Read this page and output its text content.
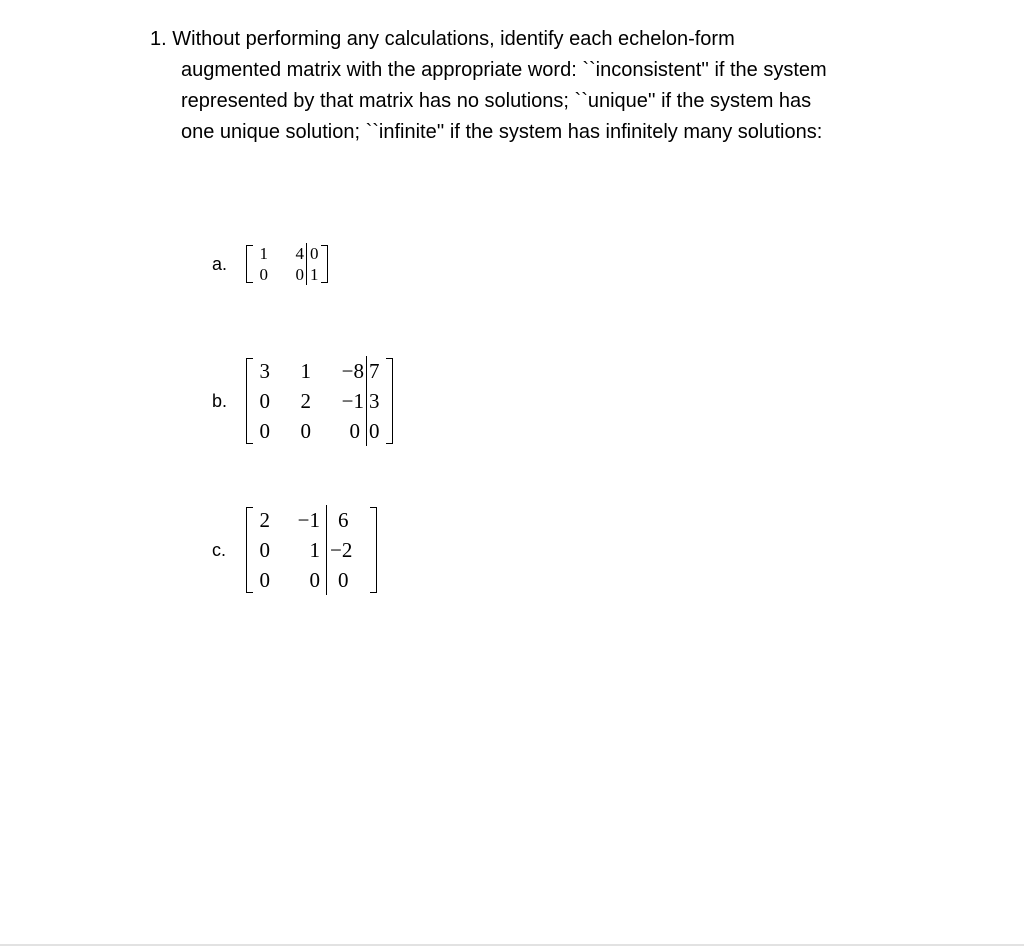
1. Without performing any calculations, identify each echelon-form
augmented matrix with the appropriate word: ``inconsistent'' if the system
represented by that matrix has no solutions; ``unique'' if the system has
one unique solution; ``infinite'' if the system has infinitely many solutions:
a.	1	4 0
0	0 1
b.
3	1	−8 7
0	2	−1 3
0	0	0 0
c.
2	−1 6
0	1 −2
0	0 0
